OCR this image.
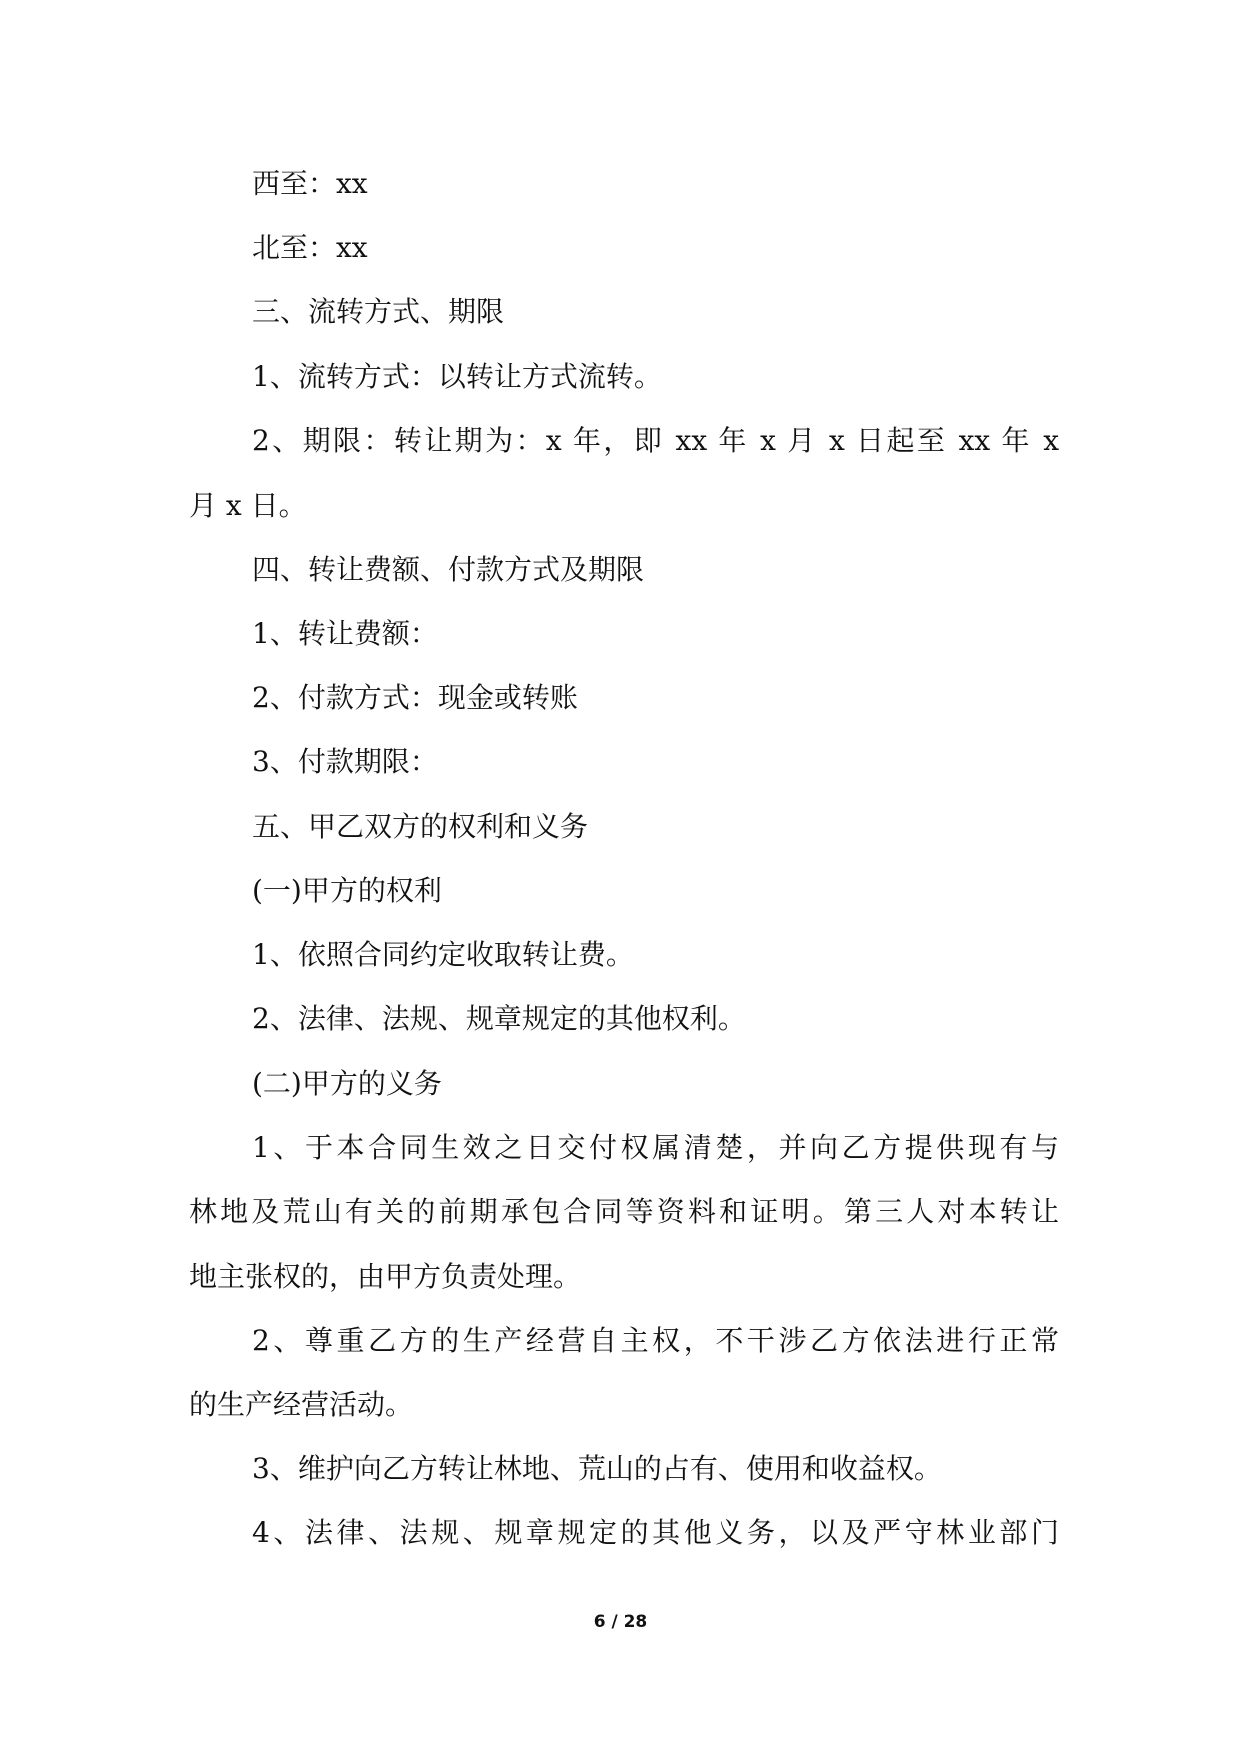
西至：xx
北至：xx
三、流转方式、期限
1、流转方式：以转让方式流转。
2、期限：转让期为：x 年，即 xx 年 x 月 x 日起至 xx 年 x
月 x 日。
四、转让费额、付款方式及期限
1、转让费额：
2、付款方式：现金或转账
3、付款期限：
五、甲乙双方的权利和义务
(一)甲方的权利
1、依照合同约定收取转让费。
2、法律、法规、规章规定的其他权利。
(二)甲方的义务
1、于本合同生效之日交付权属清楚，并向乙方提供现有与
林地及荒山有关的前期承包合同等资料和证明。第三人对本转让
地主张权的，由甲方负责处理。
2、尊重乙方的生产经营自主权，不干涉乙方依法进行正常
的生产经营活动。
3、维护向乙方转让林地、荒山的占有、使用和收益权。
4、法律、法规、规章规定的其他义务，以及严守林业部门
6 / 28
